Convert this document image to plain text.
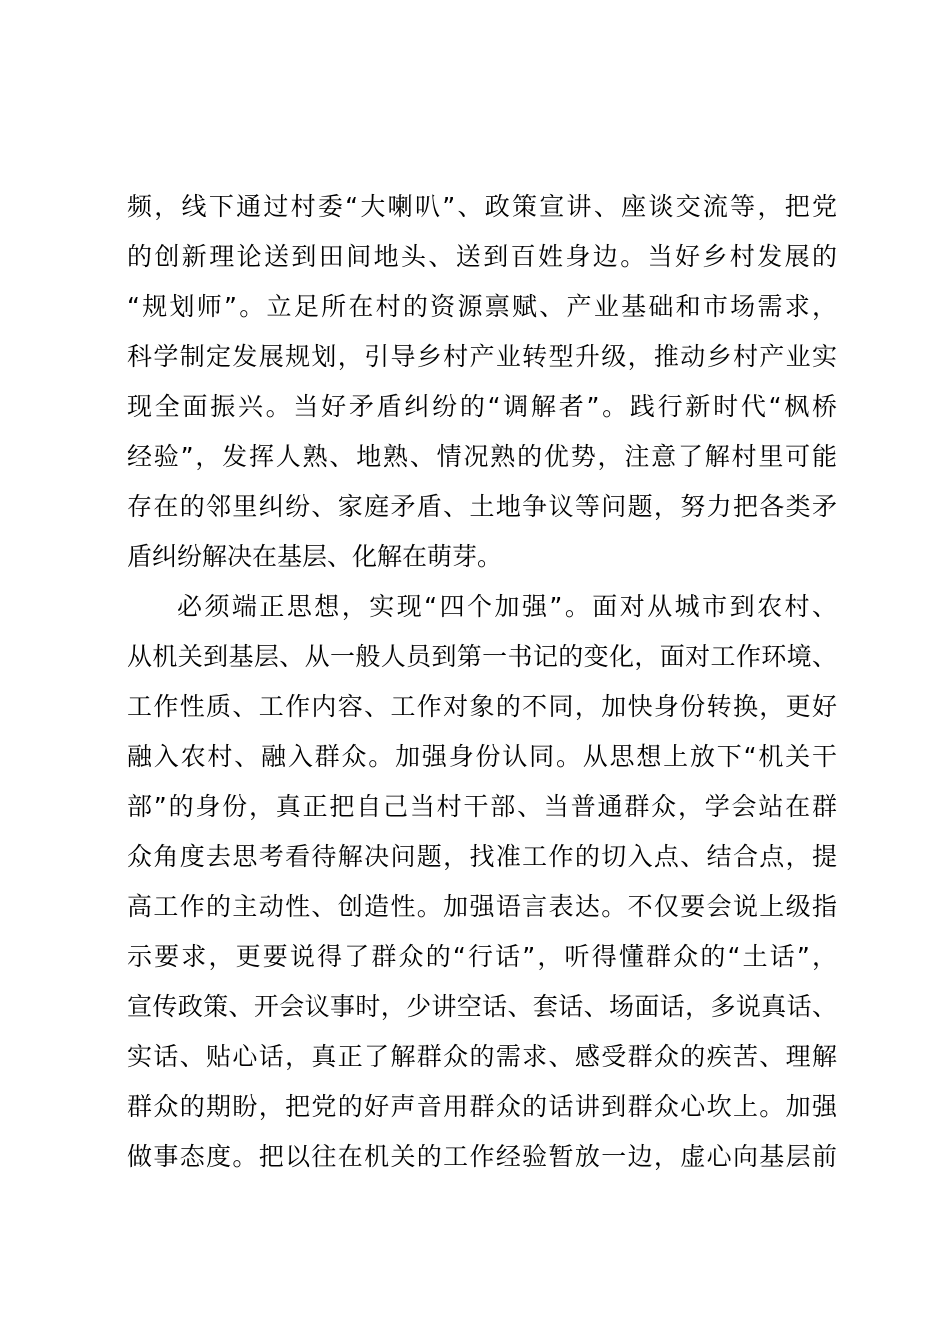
频，线下通过村委“大喇叭”、政策宣讲、座谈交流等，把党
的创新理论送到田间地头、送到百姓身边。当好乡村发展的
“规划师”。立足所在村的资源禀赋、产业基础和市场需求，
科学制定发展规划，引导乡村产业转型升级，推动乡村产业实
现全面振兴。当好矛盾纠纷的“调解者”。践行新时代“枫桥
经验”，发挥人熟、地熟、情况熟的优势，注意了解村里可能
存在的邻里纠纷、家庭矛盾、土地争议等问题，努力把各类矛
盾纠纷解决在基层、化解在萌芽。
必须端正思想，实现“四个加强”。面对从城市到农村、
从机关到基层、从一般人员到第一书记的变化，面对工作环境、
工作性质、工作内容、工作对象的不同，加快身份转换，更好
融入农村、融入群众。加强身份认同。从思想上放下“机关干
部”的身份，真正把自己当村干部、当普通群众，学会站在群
众角度去思考看待解决问题，找准工作的切入点、结合点，提
高工作的主动性、创造性。加强语言表达。不仅要会说上级指
示要求，更要说得了群众的“行话”，听得懂群众的“土话”，
宣传政策、开会议事时，少讲空话、套话、场面话，多说真话、
实话、贴心话，真正了解群众的需求、感受群众的疾苦、理解
群众的期盼，把党的好声音用群众的话讲到群众心坎上。加强
做事态度。把以往在机关的工作经验暂放一边，虚心向基层前
